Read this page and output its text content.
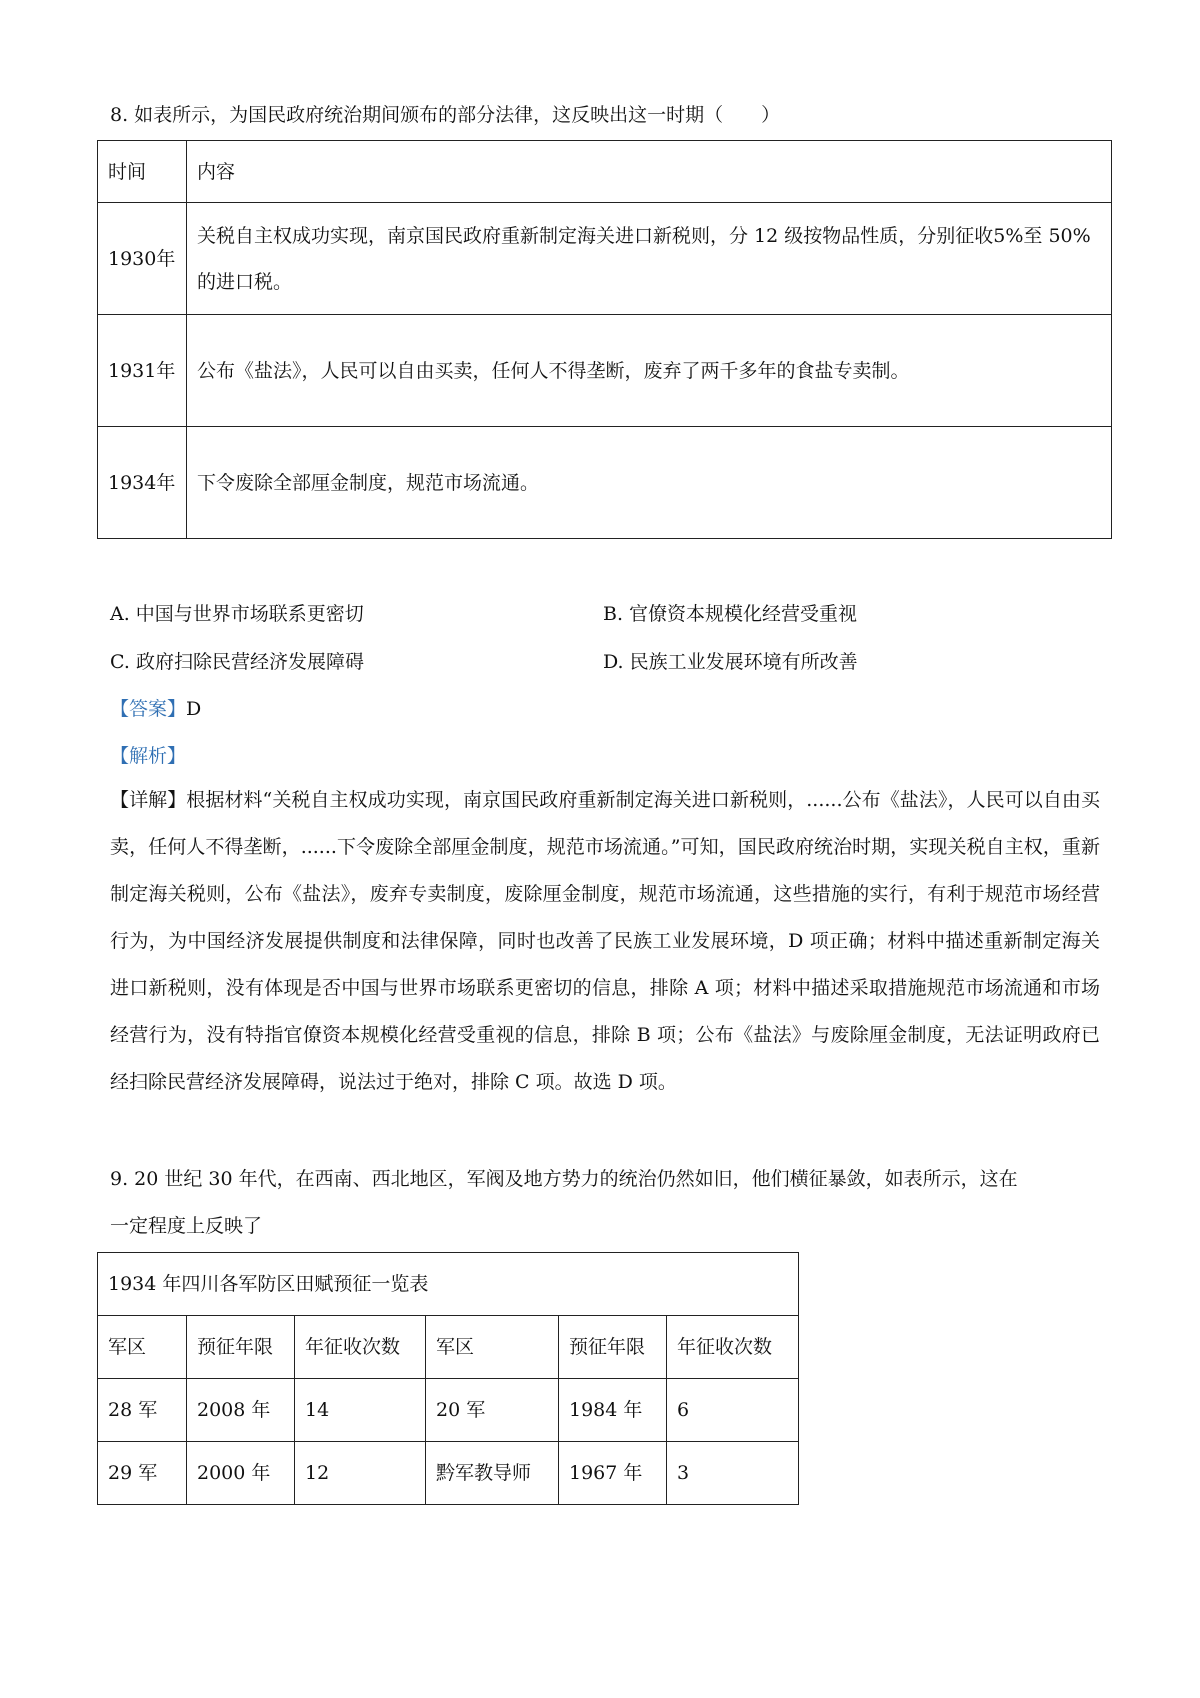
8. 如表所示，为国民政府统治期间颁布的部分法律，这反映出这一时期（　　）
时间	内容
1930年	关税自主权成功实现，南京国民政府重新制定海关进口新税则，分 12 级按物品性质，分别征收5%至 50%的进口税。
1931年	公布《盐法》，人民可以自由买卖，任何人不得垄断，废弃了两千多年的食盐专卖制。
1934年	下令废除全部厘金制度，规范市场流通。
A. 中国与世界市场联系更密切	B. 官僚资本规模化经营受重视
C. 政府扫除民营经济发展障碍	D. 民族工业发展环境有所改善
【答案】D
【解析】
【详解】根据材料“关税自主权成功实现，南京国民政府重新制定海关进口新税则，......公布《盐法》，人民可以自由买卖，任何人不得垄断，......下令废除全部厘金制度，规范市场流通。”可知，国民政府统治时期，实现关税自主权，重新制定海关税则，公布《盐法》，废弃专卖制度，废除厘金制度，规范市场流通，这些措施的实行，有利于规范市场经营行为，为中国经济发展提供制度和法律保障，同时也改善了民族工业发展环境，D 项正确；材料中描述重新制定海关进口新税则，没有体现是否中国与世界市场联系更密切的信息，排除 A 项；材料中描述采取措施规范市场流通和市场经营行为，没有特指官僚资本规模化经营受重视的信息，排除 B 项；公布《盐法》与废除厘金制度，无法证明政府已经扫除民营经济发展障碍，说法过于绝对，排除 C 项。故选 D 项。
9. 20 世纪 30 年代，在西南、西北地区，军阀及地方势力的统治仍然如旧，他们横征暴敛，如表所示，这在
一定程度上反映了
1934 年四川各军防区田赋预征一览表					
军区	预征年限	年征收次数	军区	预征年限	年征收次数
28 军	2008 年	14	20 军	1984 年	6
29 军	2000 年	12	黔军教导师	1967 年	3
